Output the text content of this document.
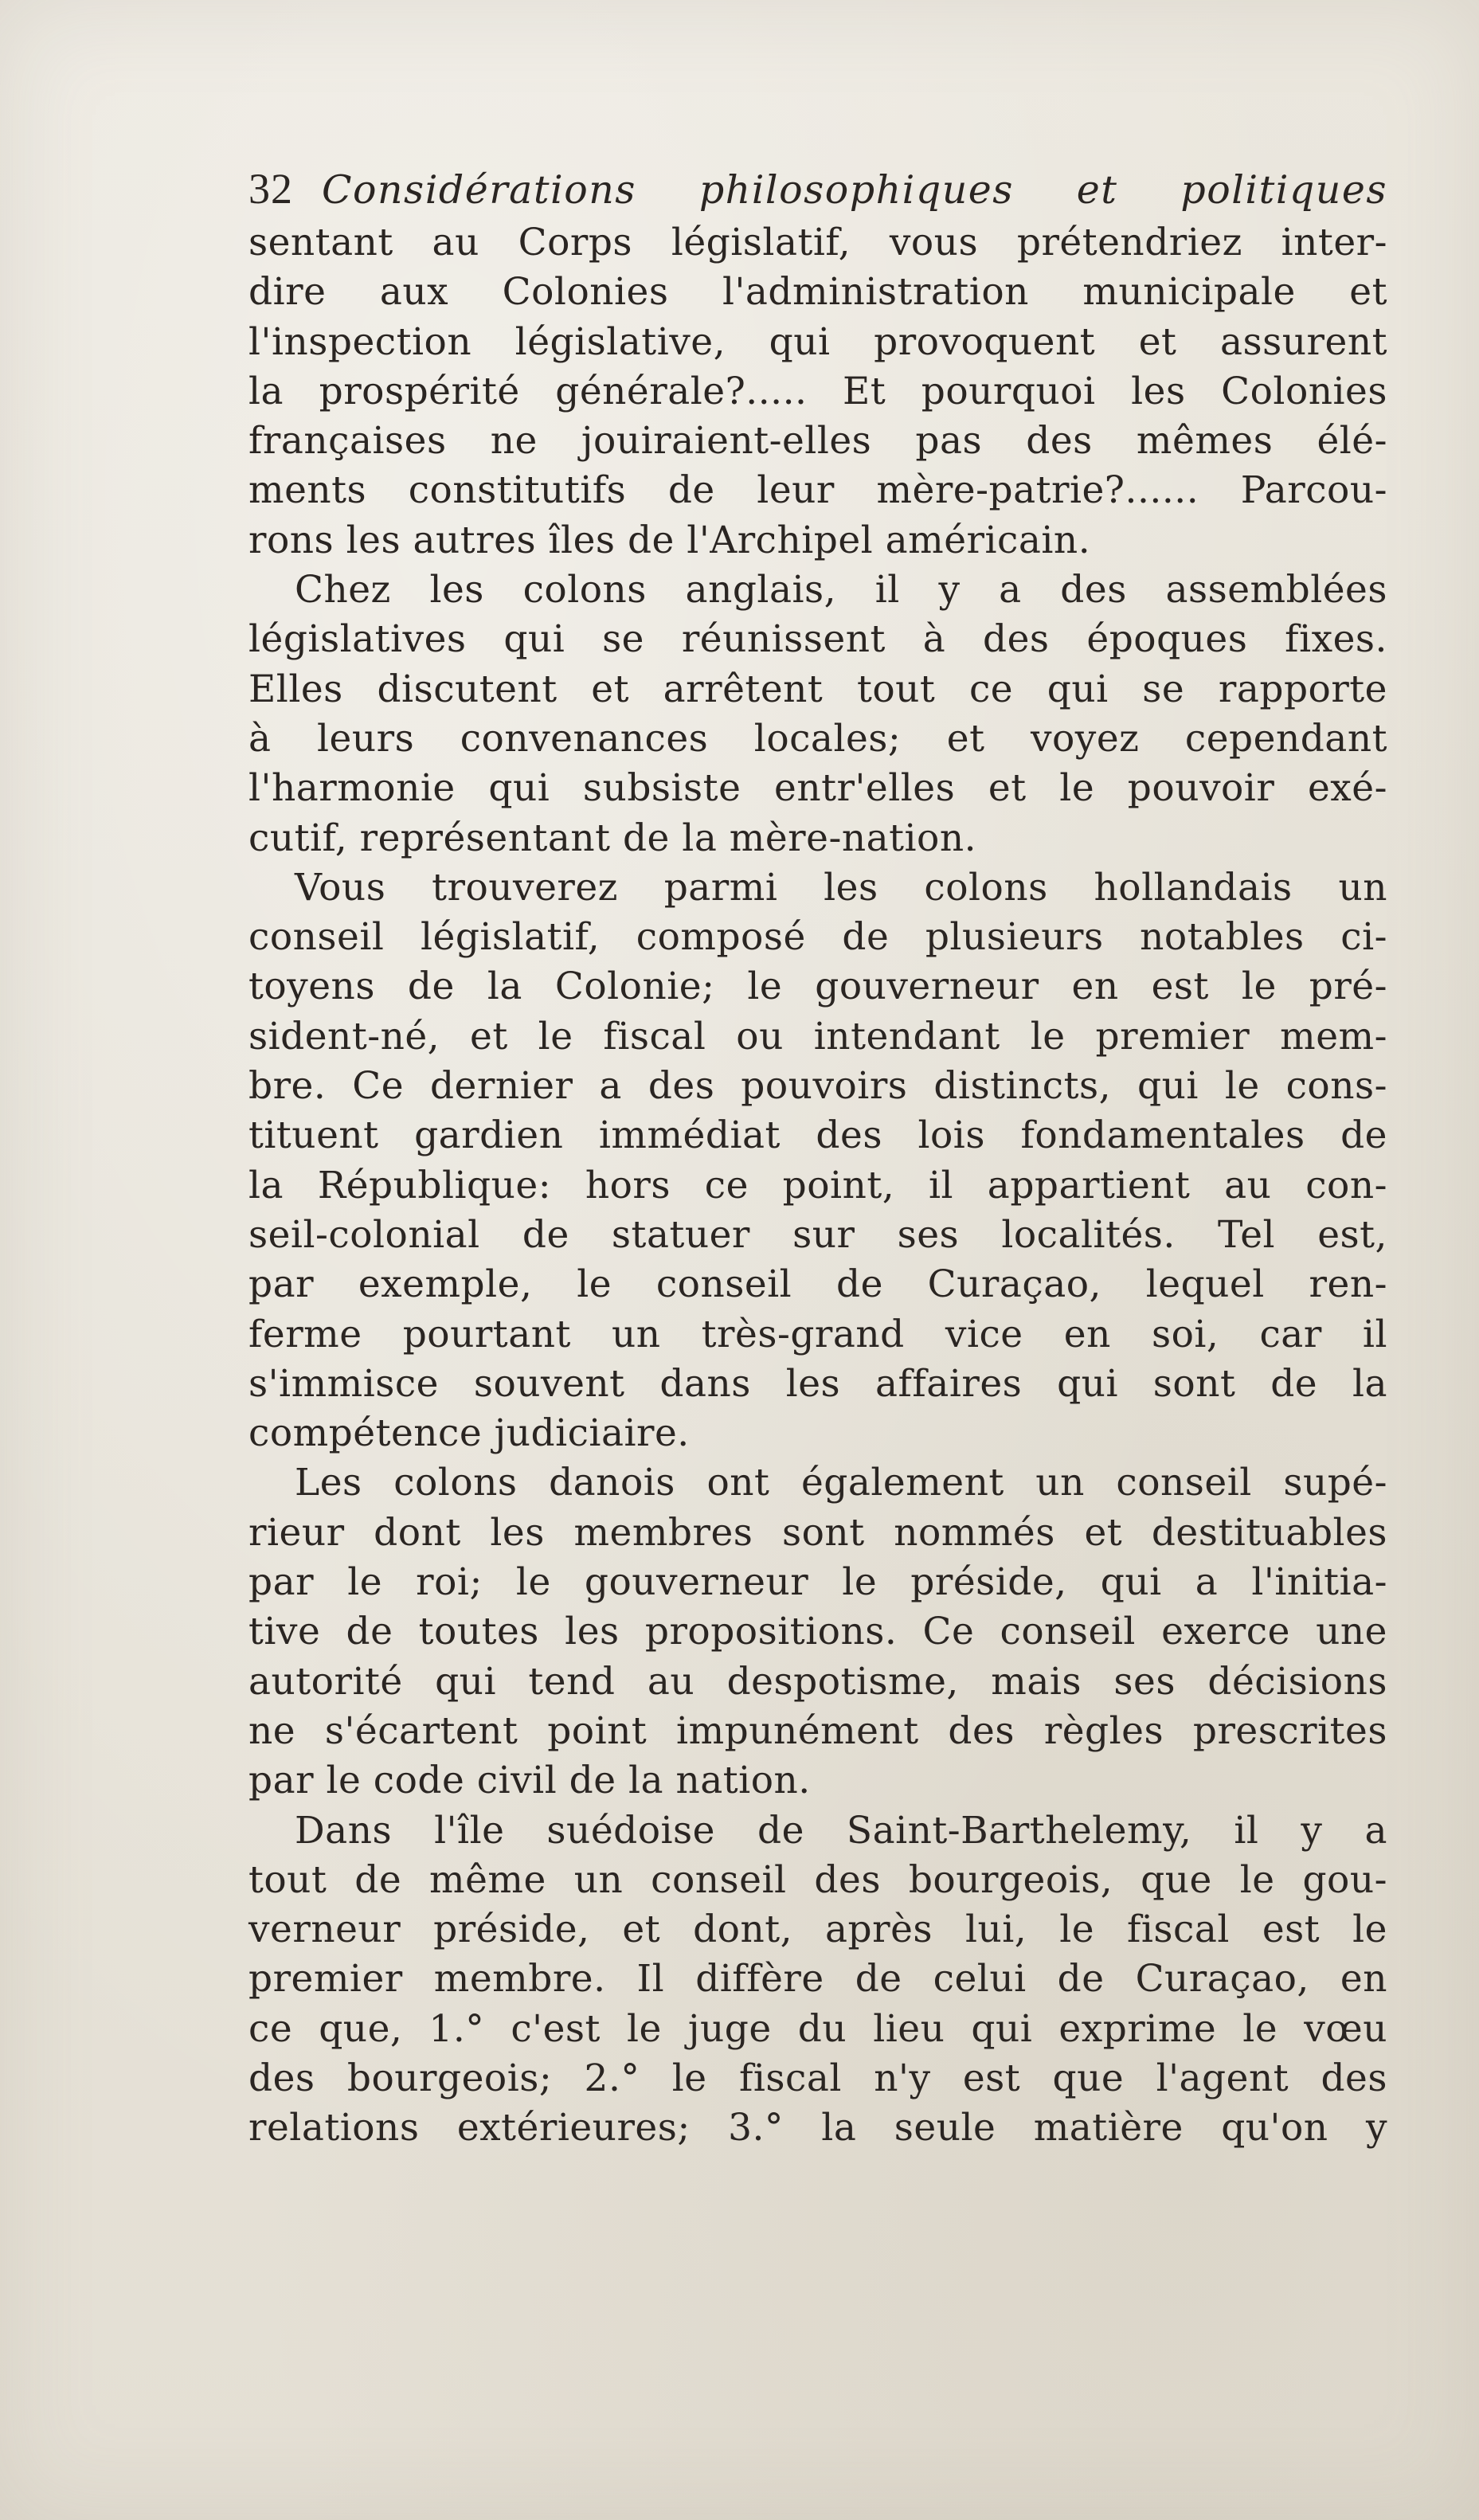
32 Considérations philosophiques et politiques
sentant au Corps législatif, vous prétendriez inter-
dire aux Colonies l'administration municipale et
l'inspection législative, qui provoquent et assurent
la prospérité générale?..... Et pourquoi les Colonies
françaises ne jouiraient-elles pas des mêmes élé-
ments constitutifs de leur mère-patrie?...... Parcou-
rons les autres îles de l'Archipel américain.
Chez les colons anglais, il y a des assemblées
législatives qui se réunissent à des époques fixes.
Elles discutent et arrêtent tout ce qui se rapporte
à leurs convenances locales; et voyez cependant
l'harmonie qui subsiste entr'elles et le pouvoir exé-
cutif, représentant de la mère-nation.
Vous trouverez parmi les colons hollandais un
conseil législatif, composé de plusieurs notables ci-
toyens de la Colonie; le gouverneur en est le pré-
sident-né, et le fiscal ou intendant le premier mem-
bre. Ce dernier a des pouvoirs distincts, qui le cons-
tituent gardien immédiat des lois fondamentales de
la République: hors ce point, il appartient au con-
seil-colonial de statuer sur ses localités. Tel est,
par exemple, le conseil de Curaçao, lequel ren-
ferme pourtant un très-grand vice en soi, car il
s'immisce souvent dans les affaires qui sont de la
compétence judiciaire.
Les colons danois ont également un conseil supé-
rieur dont les membres sont nommés et destituables
par le roi; le gouverneur le préside, qui a l'initia-
tive de toutes les propositions. Ce conseil exerce une
autorité qui tend au despotisme, mais ses décisions
ne s'écartent point impunément des règles prescrites
par le code civil de la nation.
Dans l'île suédoise de Saint-Barthelemy, il y a
tout de même un conseil des bourgeois, que le gou-
verneur préside, et dont, après lui, le fiscal est le
premier membre. Il diffère de celui de Curaçao, en
ce que, 1.° c'est le juge du lieu qui exprime le vœu
des bourgeois; 2.° le fiscal n'y est que l'agent des
relations extérieures; 3.° la seule matière qu'on y
